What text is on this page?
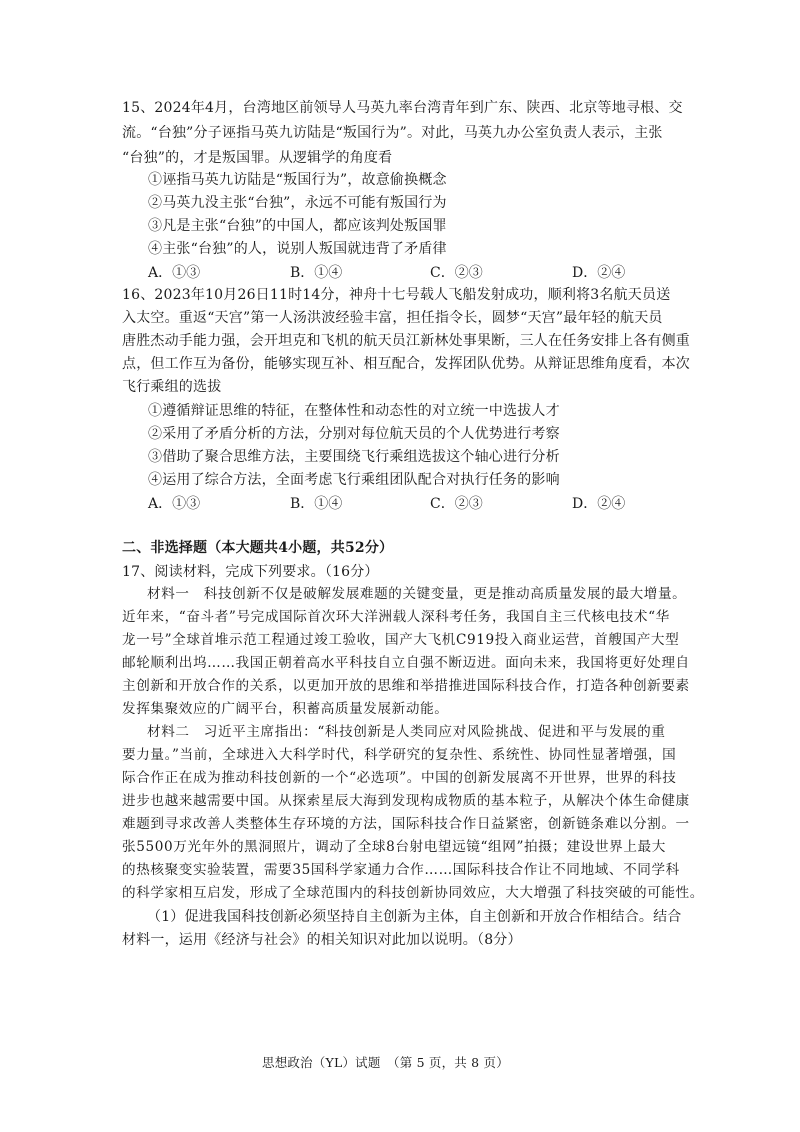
15、2024年4月，台湾地区前领导人马英九率台湾青年到广东、陕西、北京等地寻根、交
流。“台独”分子诬指马英九访陆是“叛国行为”。对此，马英九办公室负责人表示，主张
“台独”的，才是叛国罪。从逻辑学的角度看
①诬指马英九访陆是“叛国行为”，故意偷换概念
②马英九没主张“台独”，永远不可能有叛国行为
③凡是主张“台独”的中国人，都应该判处叛国罪
④主张“台独”的人，说别人叛国就违背了矛盾律
A．①③	B．①④	C．②③	D．②④
16、2023年10月26日11时14分，神舟十七号载人飞船发射成功，顺利将3名航天员送
入太空。重返“天宫”第一人汤洪波经验丰富，担任指令长，圆梦“天宫”最年轻的航天员
唐胜杰动手能力强，会开坦克和飞机的航天员江新林处事果断，三人在任务安排上各有侧重
点，但工作互为备份，能够实现互补、相互配合，发挥团队优势。从辩证思维角度看，本次
飞行乘组的选拔
①遵循辩证思维的特征，在整体性和动态性的对立统一中选拔人才
②采用了矛盾分析的方法，分别对每位航天员的个人优势进行考察
③借助了聚合思维方法，主要围绕飞行乘组选拔这个轴心进行分析
④运用了综合方法，全面考虑飞行乘组团队配合对执行任务的影响
A．①③	B．①④	C．②③	D．②④
二、非选择题（本大题共4小题，共52分）
17、阅读材料，完成下列要求。（16分）
材料一　科技创新不仅是破解发展难题的关键变量，更是推动高质量发展的最大增量。
近年来，“奋斗者”号完成国际首次环大洋洲载人深科考任务，我国自主三代核电技术“华
龙一号”全球首堆示范工程通过竣工验收，国产大飞机C919投入商业运营，首艘国产大型
邮轮顺利出坞……我国正朝着高水平科技自立自强不断迈进。面向未来，我国将更好处理自
主创新和开放合作的关系，以更加开放的思维和举措推进国际科技合作，打造各种创新要素
发挥集聚效应的广阔平台，积蓄高质量发展新动能。
材料二　习近平主席指出：“科技创新是人类同应对风险挑战、促进和平与发展的重
要力量。”当前，全球进入大科学时代，科学研究的复杂性、系统性、协同性显著增强，国
际合作正在成为推动科技创新的一个“必选项”。中国的创新发展离不开世界，世界的科技
进步也越来越需要中国。从探索星辰大海到发现构成物质的基本粒子，从解决个体生命健康
难题到寻求改善人类整体生存环境的方法，国际科技合作日益紧密，创新链条难以分割。一
张5500万光年外的黑洞照片，调动了全球8台射电望远镜“组网”拍摄；建设世界上最大
的热核聚变实验装置，需要35国科学家通力合作……国际科技合作让不同地域、不同学科
的科学家相互启发，形成了全球范围内的科技创新协同效应，大大增强了科技突破的可能性。
（1）促进我国科技创新必须坚持自主创新为主体，自主创新和开放合作相结合。结合
材料一，运用《经济与社会》的相关知识对此加以说明。（8分）
思想政治（YL）试题　（第 5 页，共 8 页）
